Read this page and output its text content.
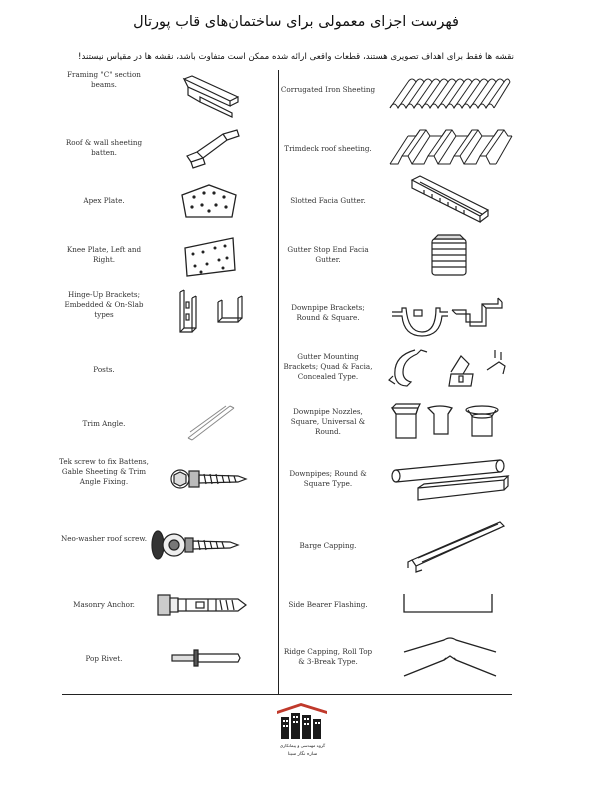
فهرست اجزای معمولی برای ساختمان‌های قاب پورتال
نقشه ها فقط برای اهداف تصویری هستند، قطعات واقعی ارائه شده ممکن است متفاوت باشد، نقشه ها در مقیاس نیستند!
Framing "C" section beams.
Roof & wall sheeting batten.
Apex Plate.
Knee Plate, Left and Right.
Hinge-Up Brackets; Embedded & On-Slab types
Posts.
Trim Angle.
Tek screw to fix Battens, Gable Sheeting & Trim Angle Fixing.
Neo-washer roof screw.
Masonry Anchor.
Pop Rivet.
Corrugated Iron Sheeting
Trimdeck roof sheeting.
Slotted Facia Gutter.
Gutter Stop End Facia Gutter.
Downpipe Brackets; Round & Square.
Gutter Mounting Brackets; Quad & Facia, Concealed Type.
Downpipe Nozzles, Square, Universal & Round.
Downpipes; Round & Square Type.
Barge Capping.
Side Bearer Flashing.
Ridge Capping, Roll Top & 3-Break Type.
گروه مهندسی و پیمانکاری
سازه نگار سینا
